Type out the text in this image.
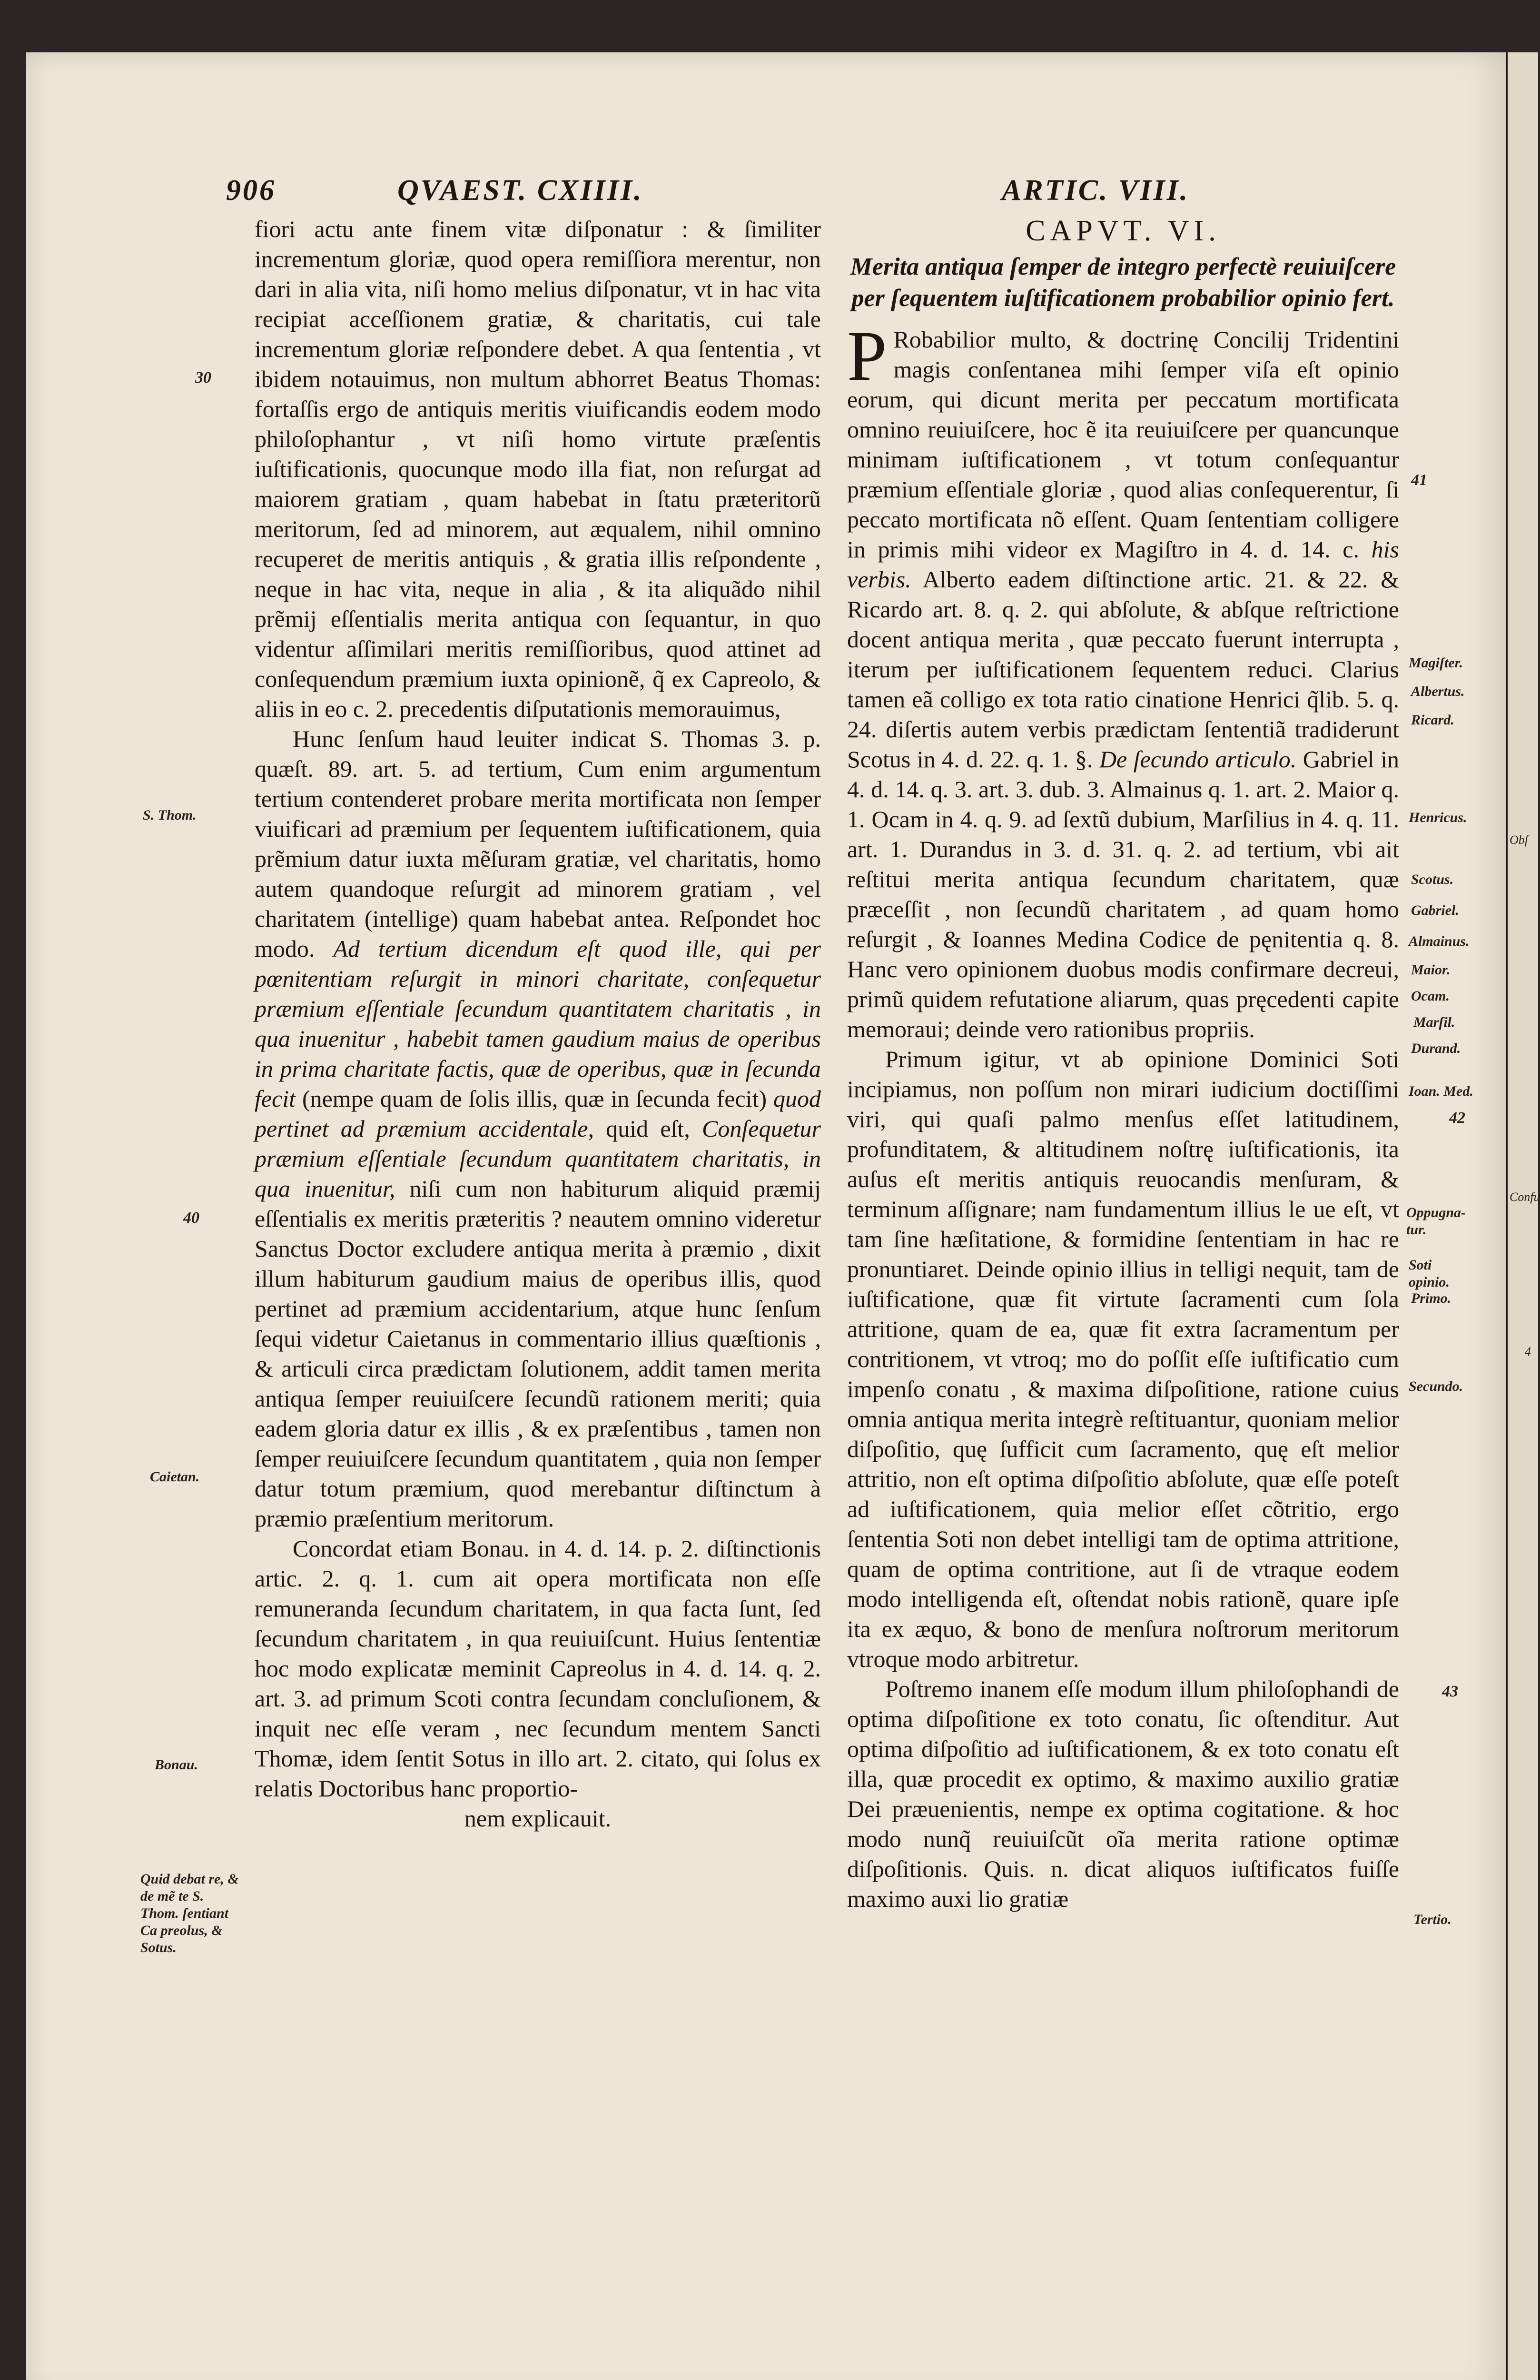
906	QVAEST. CXIIII.	ARTIC. VIII.
30
S. Thom.
40
Caietan.
Bonau.
Quid debat re, & de mẽ te S. Thom. ſentiant Ca preolus, & Sotus.

fiori actu ante finem vitæ diſponatur : & ſimiliter incrementum gloriæ, quod opera remiſſiora merentur, non dari in alia vita, niſi homo melius diſponatur, vt in hac vita recipiat acceſſionem gratiæ, & charitatis, cui tale incrementum gloriæ reſpondere debet. A qua ſententia , vt ibidem notauimus, non multum abhorret Beatus Thomas: fortaſſis ergo de antiquis meritis viuificandis eodem modo philoſophantur , vt niſi homo virtute præſentis iuſtificationis, quocunque modo illa fiat, non reſurgat ad maiorem gratiam , quam habebat in ſtatu præteritorũ meritorum, ſed ad minorem, aut æqualem, nihil omnino recuperet de meritis antiquis , & gratia illis reſpondente , neque in hac vita, neque in alia , & ita aliquãdo nihil prẽmij eſſentialis merita antiqua con ſequantur, in quo videntur aſſimilari meritis remiſſioribus, quod attinet ad conſequendum præmium iuxta opinionẽ, q̃ ex Capreolo, & aliis in eo c. 2. precedentis diſputationis memorauimus,

Hunc ſenſum haud leuiter indicat S. Thomas 3. p. quæſt. 89. art. 5. ad tertium, Cum enim argumentum tertium contenderet probare merita mortificata non ſemper viuificari ad præmium per ſequentem iuſtificationem, quia prẽmium datur iuxta mẽſuram gratiæ, vel charitatis, homo autem quandoque reſurgit ad minorem gratiam , vel charitatem (intellige) quam habebat antea. Reſpondet hoc modo. Ad tertium dicendum eſt quod ille, qui per pœnitentiam reſurgit in minori charitate, conſequetur præmium eſſentiale ſecundum quantitatem charitatis , in qua inuenitur , habebit tamen gaudium maius de operibus in prima charitate factis, quæ de operibus, quæ in ſecunda fecit (nempe quam de ſolis illis, quæ in ſecunda fecit) quod pertinet ad præmium accidentale, quid eſt, Conſequetur præmium eſſentiale ſecundum quantitatem charitatis, in qua inuenitur, niſi cum non habiturum aliquid præmij eſſentialis ex meritis præteritis ? neautem omnino videretur Sanctus Doctor excludere antiqua merita à præmio , dixit illum habiturum gaudium maius de operibus illis, quod pertinet ad præmium accidentarium, atque hunc ſenſum ſequi videtur Caietanus in commentario illius quæſtionis , & articuli circa prædictam ſolutionem, addit tamen merita antiqua ſemper reuiuiſcere ſecundũ rationem meriti; quia eadem gloria datur ex illis , & ex præſentibus , tamen non ſemper reuiuiſcere ſecundum quantitatem , quia non ſemper datur totum præmium, quod merebantur diſtinctum à præmio præſentium meritorum.

Concordat etiam Bonau. in 4. d. 14. p. 2. diſtinctionis artic. 2. q. 1. cum ait opera mortificata non eſſe remuneranda ſecundum charitatem, in qua facta ſunt, ſed ſecundum charitatem , in qua reuiuiſcunt. Huius ſententiæ hoc modo explicatæ meminit Capreolus in 4. d. 14. q. 2. art. 3. ad primum Scoti contra ſecundam concluſionem, & inquit nec eſſe veram , nec ſecundum mentem Sancti Thomæ, idem ſentit Sotus in illo art. 2. citato, qui ſolus ex relatis Doctoribus hanc proportio-

nem explicauit.

CAPVT. VI.
Merita antiqua ſemper de integro perfectè reuiuiſcere per ſequentem iuſtificationem probabilior opinio fert.

P Robabilior multo, & doctrinę Concilij Tridentini magis conſentanea mihi ſemper viſa eſt opinio eorum, qui dicunt merita per peccatum mortificata omnino reuiuiſcere, hoc ẽ ita reuiuiſcere per quancunque minimam iuſtificationem , vt totum conſequantur præmium eſſentiale gloriæ , quod alias conſequerentur, ſi peccato mortificata nõ eſſent. Quam ſententiam colligere in primis mihi videor ex Magiſtro in 4. d. 14. c. his verbis. Alberto eadem diſtinctione artic. 21. & 22. & Ricardo art. 8. q. 2. qui abſolute, & abſque reſtrictione docent antiqua merita , quæ peccato fuerunt interrupta , iterum per iuſtificationem ſequentem reduci. Clarius tamen eã colligo ex tota ratio cinatione Henrici q̃lib. 5. q. 24. diſertis autem verbis prædictam ſententiã tradiderunt Scotus in 4. d. 22. q. 1. §. De ſecundo articulo. Gabriel in 4. d. 14. q. 3. art. 3. dub. 3. Almainus q. 1. art. 2. Maior q. 1. Ocam in 4. q. 9. ad ſextũ dubium, Marſilius in 4. q. 11. art. 1. Durandus in 3. d. 31. q. 2. ad tertium, vbi ait reſtitui merita antiqua ſecundum charitatem, quæ præceſſit , non ſecundũ charitatem , ad quam homo reſurgit , & Ioannes Medina Codice de pęnitentia q. 8. Hanc vero opinionem duobus modis confirmare decreui, primũ quidem refutatione aliarum, quas pręcedenti capite memoraui; deinde vero rationibus propriis.

Primum igitur, vt ab opinione Dominici Soti incipiamus, non poſſum non mirari iudicium doctiſſimi viri, qui quaſi palmo menſus eſſet latitudinem, profunditatem, & altitudinem noſtrę iuſtificationis, ita auſus eſt meritis antiquis reuocandis menſuram, & terminum aſſignare; nam fundamentum illius le ue eſt, vt tam ſine hæſitatione, & formidine ſententiam in hac re pronuntiaret. Deinde opinio illius in telligi nequit, tam de iuſtificatione, quæ fit virtute ſacramenti cum ſola attritione, quam de ea, quæ fit extra ſacramentum per contritionem, vt vtroq; mo do poſſit eſſe iuſtificatio cum impenſo conatu , & maxima diſpoſitione, ratione cuius omnia antiqua merita integrè reſtituantur, quoniam melior diſpoſitio, quę ſufficit cum ſacramento, quę eſt melior attritio, non eſt optima diſpoſitio abſolute, quæ eſſe poteſt ad iuſtificationem, quia melior eſſet cõtritio, ergo ſententia Soti non debet intelligi tam de optima attritione, quam de optima contritione, aut ſi de vtraque eodem modo intelligenda eſt, oſtendat nobis rationẽ, quare ipſe ita ex æquo, & bono de menſura noſtrorum meritorum vtroque modo arbitretur.

Poſtremo inanem eſſe modum illum philoſophandi de optima diſpoſitione ex toto conatu, ſic oſtenditur. Aut optima diſpoſitio ad iuſtificationem, & ex toto conatu eſt illa, quæ procedit ex optimo, & maximo auxilio gratiæ Dei præuenientis, nempe ex optima cogitatione. & hoc modo nunq̃ reuiuiſcũt oĩa merita ratione optimæ diſpoſitionis. Quis. n. dicat aliquos iuſtificatos fuiſſe maximo auxi lio gratiæ

41
Magiſter.
Albertus.
Ricard.
Henricus.
Scotus.
Gabriel.
Almainus.
Maior.
Ocam.
Marſil.
Durand.
Ioan. Med.
42
Oppugna-tur.
Soti opinio.
Primo.
Secundo.
43
Tertio.
Obſ
Confu
4
